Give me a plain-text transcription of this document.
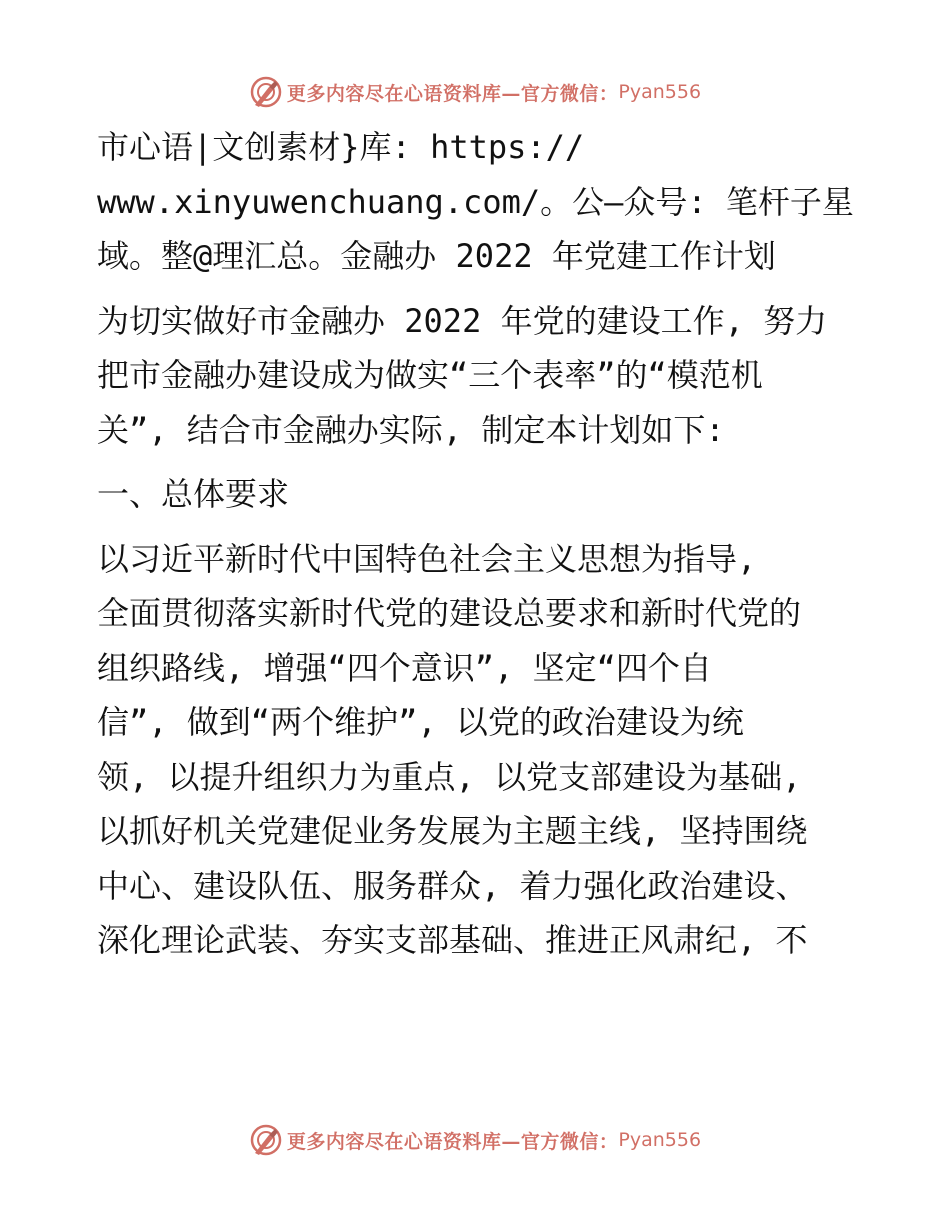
更多内容尽在心语资料库—官方微信： Pyan556
市心语|文创素材}库: https://
www.xinyuwenchuang.com/。公—众号: 笔杆子星
域。整@理汇总。金融办 2022 年党建工作计划
为切实做好市金融办 2022 年党的建设工作, 努力
把市金融办建设成为做实“三个表率”的“模范机
关”, 结合市金融办实际, 制定本计划如下:
一、总体要求
以习近平新时代中国特色社会主义思想为指导,
全面贯彻落实新时代党的建设总要求和新时代党的
组织路线, 增强“四个意识”, 坚定“四个自
信”, 做到“两个维护”, 以党的政治建设为统
领, 以提升组织力为重点, 以党支部建设为基础,
以抓好机关党建促业务发展为主题主线, 坚持围绕
中心、建设队伍、服务群众, 着力强化政治建设、
深化理论武装、夯实支部基础、推进正风肃纪, 不
更多内容尽在心语资料库—官方微信： Pyan556
